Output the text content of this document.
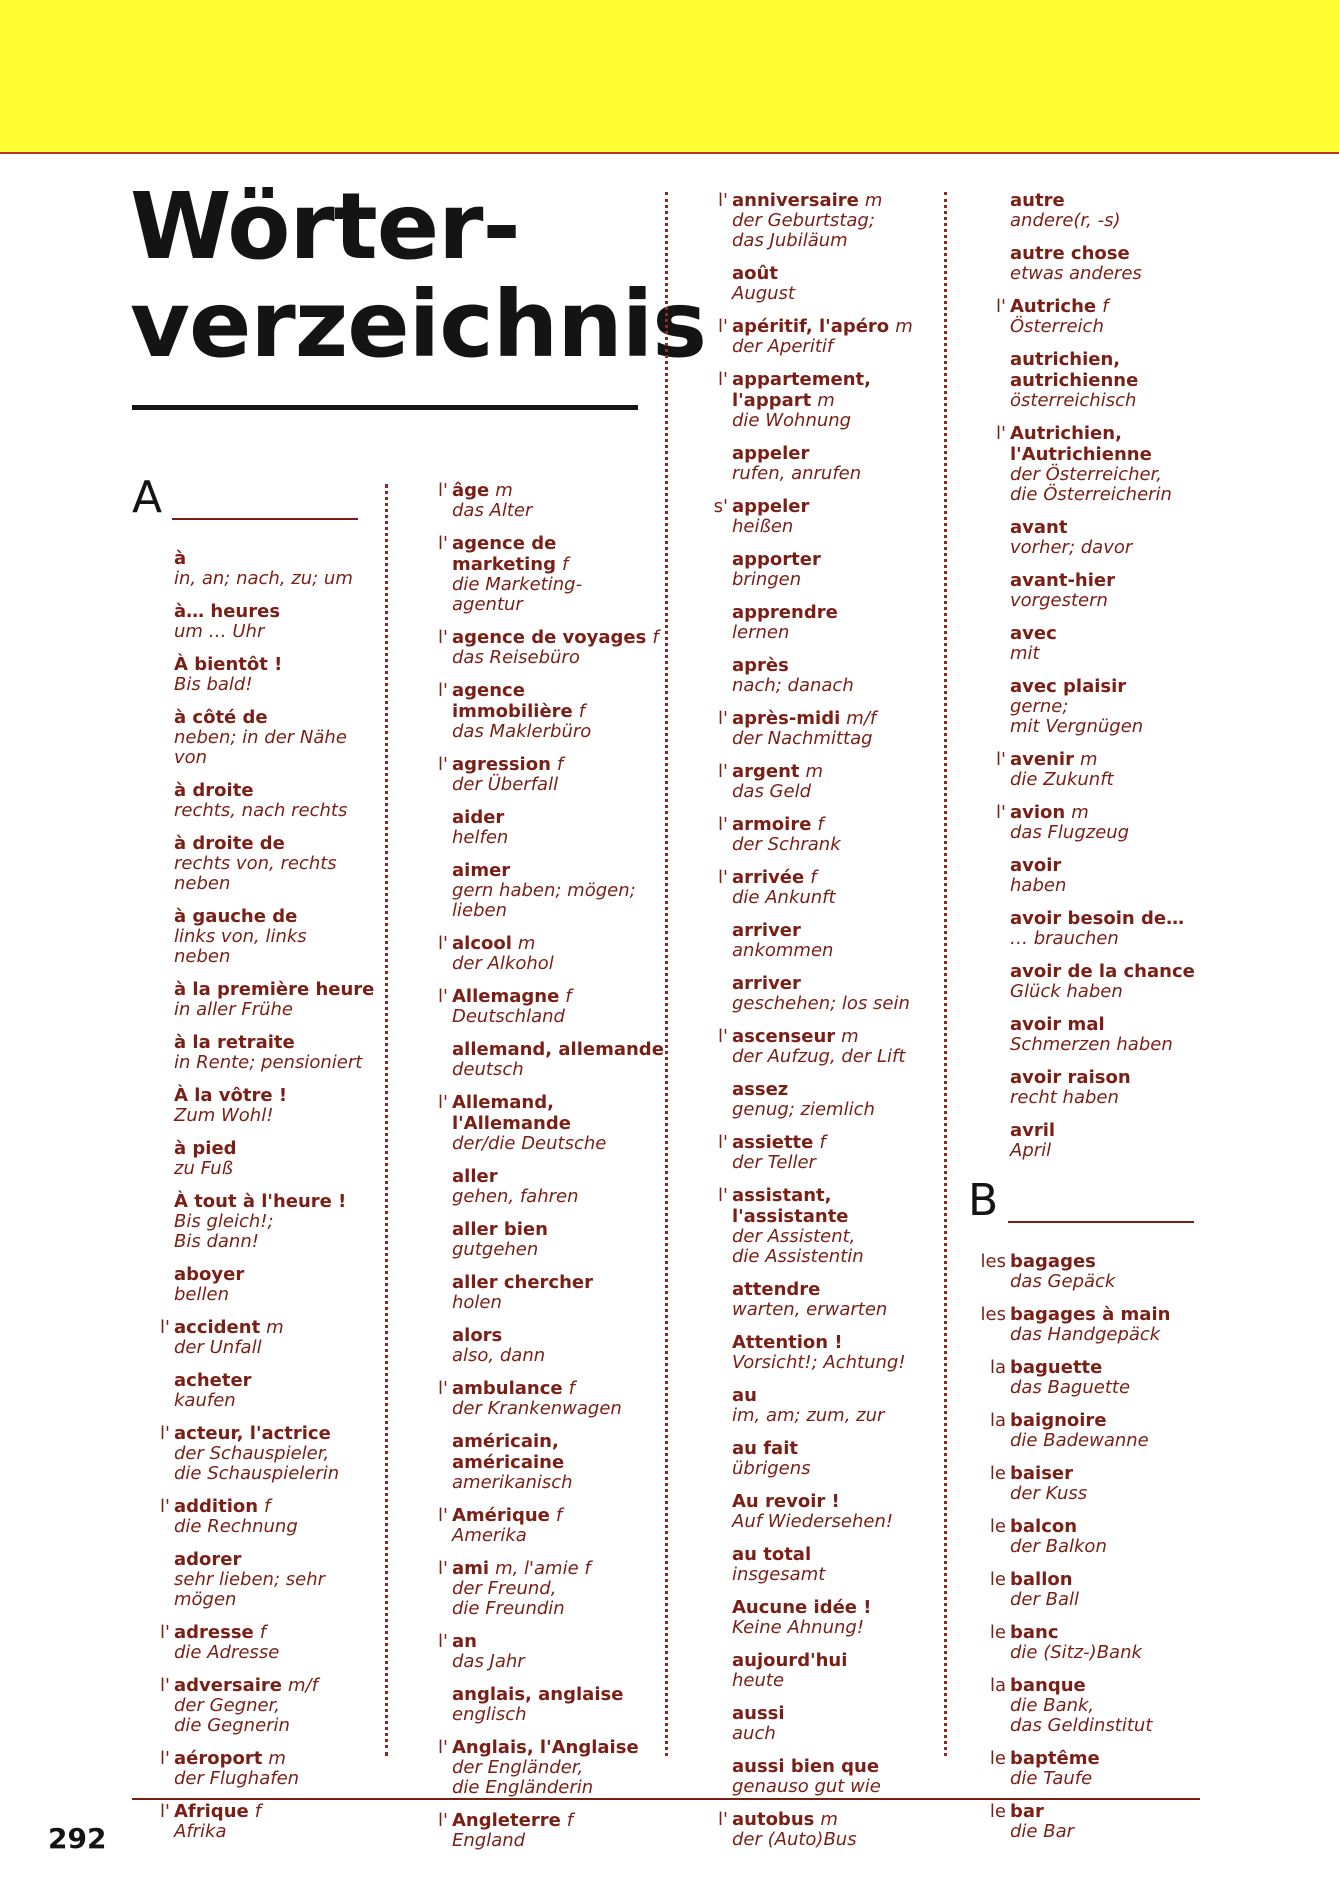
Wörter-
verzeichnis
A
à
in, an; nach, zu; um
à… heures
um … Uhr
À bientôt !
Bis bald!
à côté de
neben; in der Nähe
von
à droite
rechts, nach rechts
à droite de
rechts von, rechts
neben
à gauche de
links von, links
neben
à la première heure
in aller Frühe
à la retraite
in Rente; pensioniert
À la vôtre !
Zum Wohl!
à pied
zu Fuß
À tout à l'heure !
Bis gleich!;
Bis dann!
aboyer
bellen
l' accident m
der Unfall
acheter
kaufen
l' acteur, l'actrice
der Schauspieler,
die Schauspielerin
l' addition f
die Rechnung
adorer
sehr lieben; sehr
mögen
l' adresse f
die Adresse
l' adversaire m/f
der Gegner,
die Gegnerin
l' aéroport m
der Flughafen
l' Afrique f
Afrika
l' âge m
das Alter
l' agence de
marketing f
die Marketing-
agentur
l' agence de voyages f
das Reisebüro
l' agence
immobilière f
das Maklerbüro
l' agression f
der Überfall
aider
helfen
aimer
gern haben; mögen;
lieben
l' alcool m
der Alkohol
l' Allemagne f
Deutschland
allemand, allemande
deutsch
l' Allemand,
l'Allemande
der/die Deutsche
aller
gehen, fahren
aller bien
gutgehen
aller chercher
holen
alors
also, dann
l' ambulance f
der Krankenwagen
américain,
américaine
amerikanisch
l' Amérique f
Amerika
l' ami m, l'amie f
der Freund,
die Freundin
l' an
das Jahr
anglais, anglaise
englisch
l' Anglais, l'Anglaise
der Engländer,
die Engländerin
l' Angleterre f
England
l' anniversaire m
der Geburtstag;
das Jubiläum
août
August
l' apéritif, l'apéro m
der Aperitif
l' appartement,
l'appart m
die Wohnung
appeler
rufen, anrufen
s' appeler
heißen
apporter
bringen
apprendre
lernen
après
nach; danach
l' après-midi m/f
der Nachmittag
l' argent m
das Geld
l' armoire f
der Schrank
l' arrivée f
die Ankunft
arriver
ankommen
arriver
geschehen; los sein
l' ascenseur m
der Aufzug, der Lift
assez
genug; ziemlich
l' assiette f
der Teller
l' assistant,
l'assistante
der Assistent,
die Assistentin
attendre
warten, erwarten
Attention !
Vorsicht!; Achtung!
au
im, am; zum, zur
au fait
übrigens
Au revoir !
Auf Wiedersehen!
au total
insgesamt
Aucune idée !
Keine Ahnung!
aujourd'hui
heute
aussi
auch
aussi bien que
genauso gut wie
l' autobus m
der (Auto)Bus
autre
andere(r, -s)
autre chose
etwas anderes
l' Autriche f
Österreich
autrichien,
autrichienne
österreichisch
l' Autrichien,
l'Autrichienne
der Österreicher,
die Österreicherin
avant
vorher; davor
avant-hier
vorgestern
avec
mit
avec plaisir
gerne;
mit Vergnügen
l' avenir m
die Zukunft
l' avion m
das Flugzeug
avoir
haben
avoir besoin de…
… brauchen
avoir de la chance
Glück haben
avoir mal
Schmerzen haben
avoir raison
recht haben
avril
April
B
les bagages
das Gepäck
les bagages à main
das Handgepäck
la baguette
das Baguette
la baignoire
die Badewanne
le baiser
der Kuss
le balcon
der Balkon
le ballon
der Ball
le banc
die (Sitz-)Bank
la banque
die Bank,
das Geldinstitut
le baptême
die Taufe
le bar
die Bar
292
